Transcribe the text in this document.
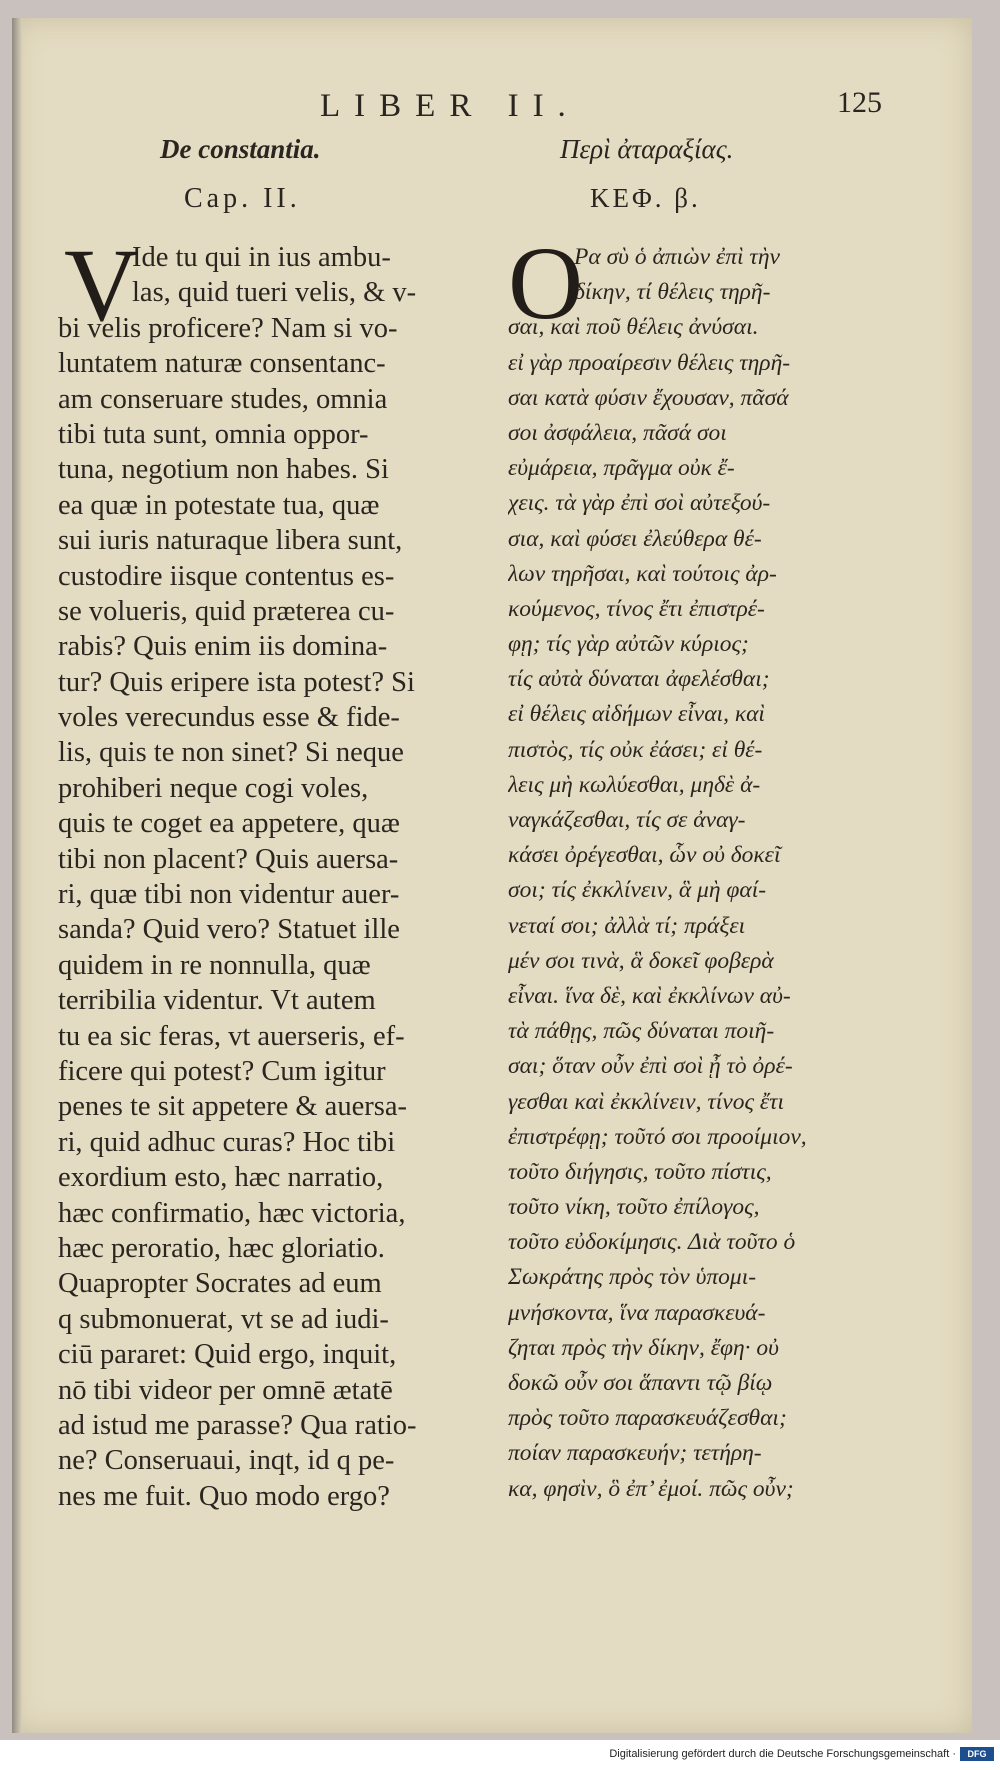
LIBER II.	125
De constantia.	Περὶ ἀταραξίας.
Cap. II.	ΚΕΦ. β.
V
Ide tu qui in ius ambu-
las, quid tueri velis, & v-
bi velis proficere? Nam si vo-
luntatem naturæ consentanc-
am conseruare studes, omnia
tibi tuta sunt, omnia oppor-
tuna, negotium non habes. Si
ea quæ in potestate tua, quæ
sui iuris naturaque libera sunt,
custodire iisque contentus es-
se volueris, quid præterea cu-
rabis? Quis enim iis domina-
tur? Quis eripere ista potest? Si
voles verecundus esse & fide-
lis, quis te non sinet? Si neque
prohiberi neque cogi voles,
quis te coget ea appetere, quæ
tibi non placent? Quis auersa-
ri, quæ tibi non videntur auer-
sanda? Quid vero? Statuet ille
quidem in re nonnulla, quæ
terribilia videntur. Vt autem
tu ea sic feras, vt auerseris, ef-
ficere qui potest? Cum igitur
penes te sit appetere & auersa-
ri, quid adhuc curas? Hoc tibi
exordium esto, hæc narratio,
hæc confirmatio, hæc victoria,
hæc peroratio, hæc gloriatio.
Quapropter Socrates ad eum
q submonuerat, vt se ad iudi-
ciū pararet: Quid ergo, inquit,
nō tibi videor per omnē ætatē
ad istud me parasse? Qua ratio-
ne? Conseruaui, inqt, id q pe-
nes me fuit. Quo modo ergo?
O
Ρα σὺ ὁ ἀπιὼν ἐπὶ τὴν
δίκην, τί θέλεις τηρῆ-
σαι, καὶ ποῦ θέλεις ἀνύσαι.
εἰ γὰρ προαίρεσιν θέλεις τηρῆ-
σαι κατὰ φύσιν ἔχουσαν, πᾶσά
σοι ἀσφάλεια, πᾶσά σοι
εὐμάρεια, πρᾶγμα οὐκ ἔ-
χεις. τὰ γὰρ ἐπὶ σοὶ αὐτεξού-
σια, καὶ φύσει ἐλεύθερα θέ-
λων τηρῆσαι, καὶ τούτοις ἀρ-
κούμενος, τίνος ἔτι ἐπιστρέ-
φῃ; τίς γὰρ αὐτῶν κύριος;
τίς αὐτὰ δύναται ἀφελέσθαι;
εἰ θέλεις αἰδήμων εἶναι, καὶ
πιστὸς, τίς οὐκ ἐάσει; εἰ θέ-
λεις μὴ κωλύεσθαι, μηδὲ ἀ-
ναγκάζεσθαι, τίς σε ἀναγ-
κάσει ὀρέγεσθαι, ὧν οὐ δοκεῖ
σοι; τίς ἐκκλίνειν, ἃ μὴ φαί-
νεταί σοι; ἀλλὰ τί; πράξει
μέν σοι τινὰ, ἃ δοκεῖ φοβερὰ
εἶναι. ἵνα δὲ, καὶ ἐκκλίνων αὐ-
τὰ πάθῃς, πῶς δύναται ποιῆ-
σαι; ὅταν οὖν ἐπὶ σοὶ ᾖ τὸ ὀρέ-
γεσθαι καὶ ἐκκλίνειν, τίνος ἔτι
ἐπιστρέφῃ; τοῦτό σοι προοίμιον,
τοῦτο διήγησις, τοῦτο πίστις,
τοῦτο νίκη, τοῦτο ἐπίλογος,
τοῦτο εὐδοκίμησις. Διὰ τοῦτο ὁ
Σωκράτης πρὸς τὸν ὑπομι-
μνήσκοντα, ἵνα παρασκευά-
ζηται πρὸς τὴν δίκην, ἔφη· οὐ
δοκῶ οὖν σοι ἅπαντι τῷ βίῳ
πρὸς τοῦτο παρασκευάζεσθαι;
ποίαν παρασκευήν; τετήρη-
κα, φησὶν, ὃ ἐπ’ ἐμοί. πῶς οὖν;
Digitalisierung gefördert durch die Deutsche Forschungsgemeinschaft ·	DFG
